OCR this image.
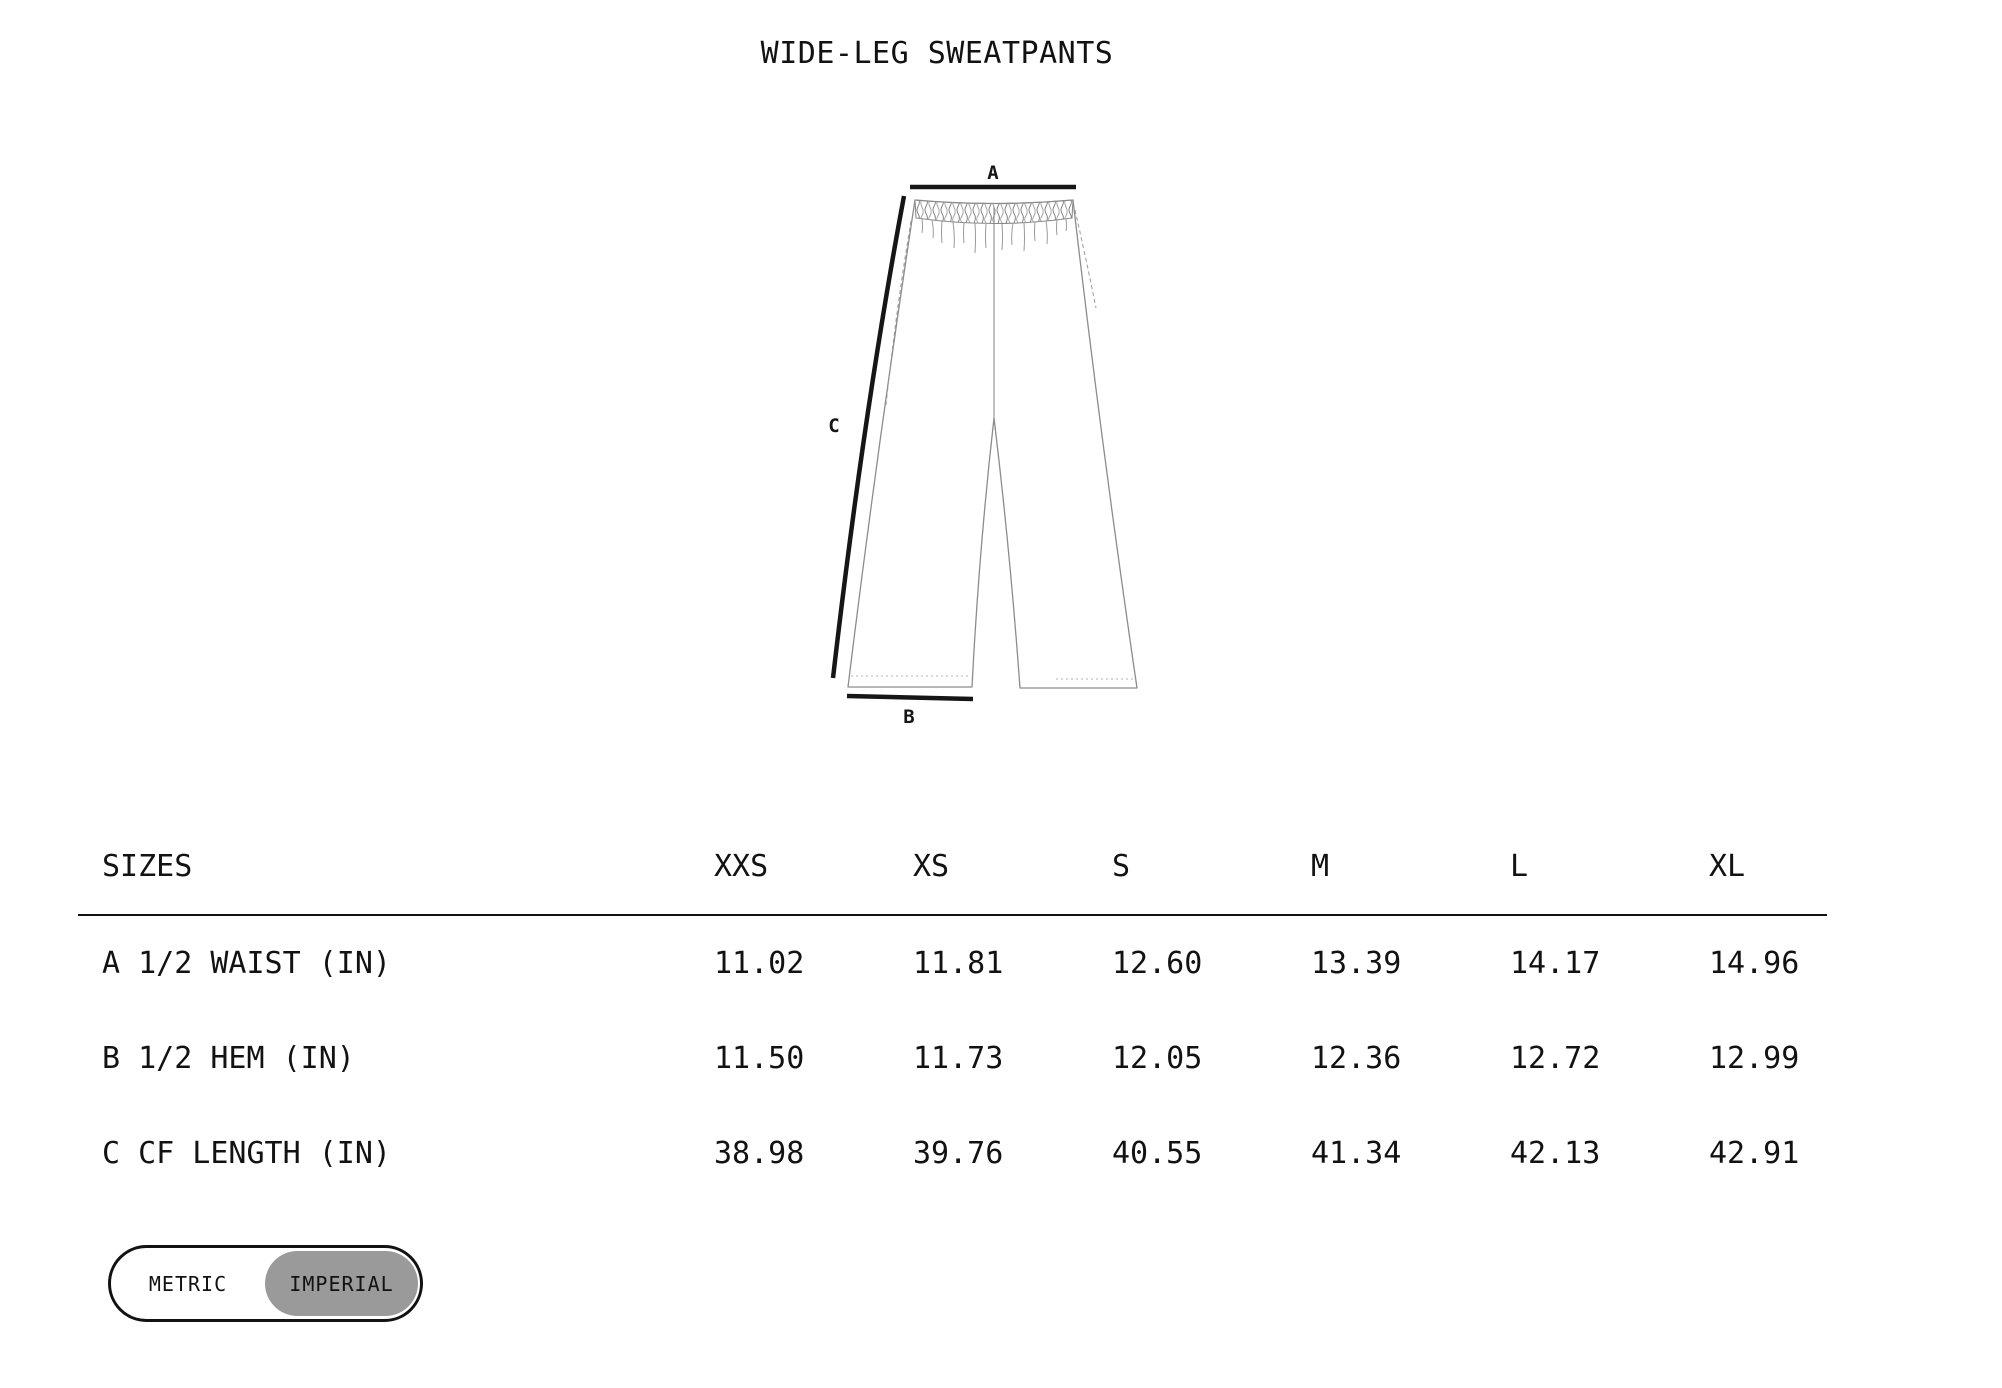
WIDE-LEG SWEATPANTS
A
C
B
SIZES	XXS	XS	S	M	L	XL
A 1/2 WAIST (IN)	11.02	11.81	12.60	13.39	14.17	14.96
B 1/2 HEM (IN)	11.50	11.73	12.05	12.36	12.72	12.99
C CF LENGTH (IN)	38.98	39.76	40.55	41.34	42.13	42.91
METRIC	IMPERIAL
